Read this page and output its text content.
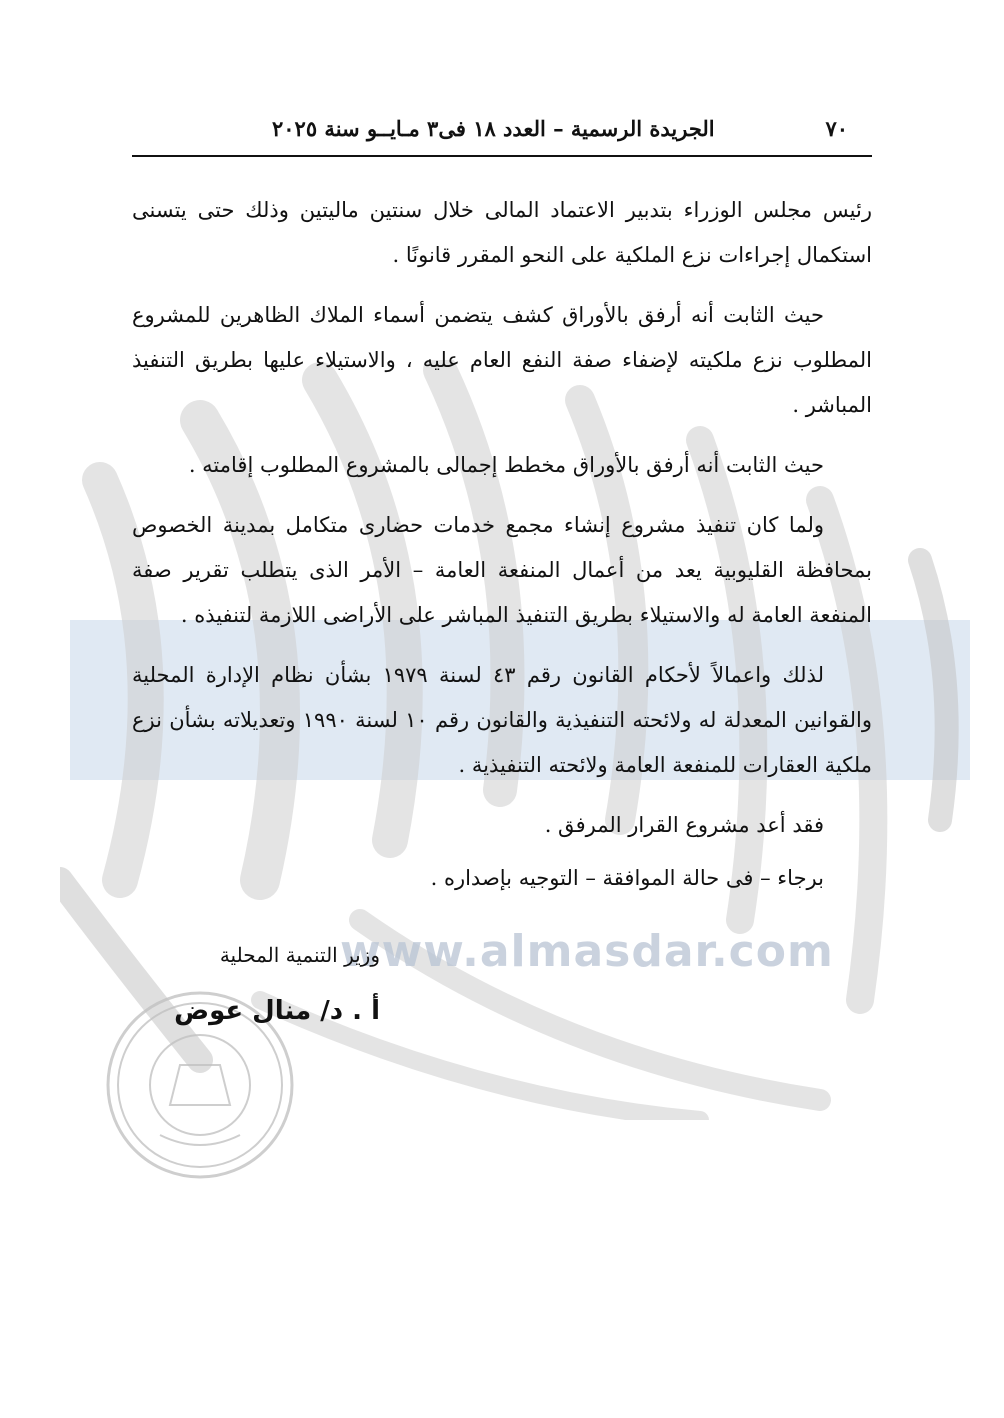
www.almasdar.com
٧٠
الجريدة الرسمية – العدد ١٨ فى٣ مـايــو سنة ٢٠٢٥

رئيس مجلس الوزراء بتدبير الاعتماد المالى خلال سنتين ماليتين وذلك حتى يتسنى استكمال إجراءات نزع الملكية على النحو المقرر قانونًا .

حيث الثابت أنه أرفق بالأوراق كشف يتضمن أسماء الملاك الظاهرين للمشروع المطلوب نزع ملكيته لإضفاء صفة النفع العام عليه ، والاستيلاء عليها بطريق التنفيذ المباشر .

حيث الثابت أنه أرفق بالأوراق مخطط إجمالى بالمشروع المطلوب إقامته .

ولما كان تنفيذ مشروع إنشاء مجمع خدمات حضارى متكامل بمدينة الخصوص بمحافظة القليوبية يعد من أعمال المنفعة العامة – الأمر الذى يتطلب تقرير صفة المنفعة العامة له والاستيلاء بطريق التنفيذ المباشر على الأراضى اللازمة لتنفيذه .

لذلك واعمالاً لأحكام القانون رقم ٤٣ لسنة ١٩٧٩ بشأن نظام الإدارة المحلية والقوانين المعدلة له ولائحته التنفيذية والقانون رقم ١٠ لسنة ١٩٩٠ وتعديلاته بشأن نزع ملكية العقارات للمنفعة العامة ولائحته التنفيذية .

فقد أعد مشروع القرار المرفق .

برجاء – فى حالة الموافقة – التوجيه بإصداره .

وزير التنمية المحلية
أ . د/ منال عوض
